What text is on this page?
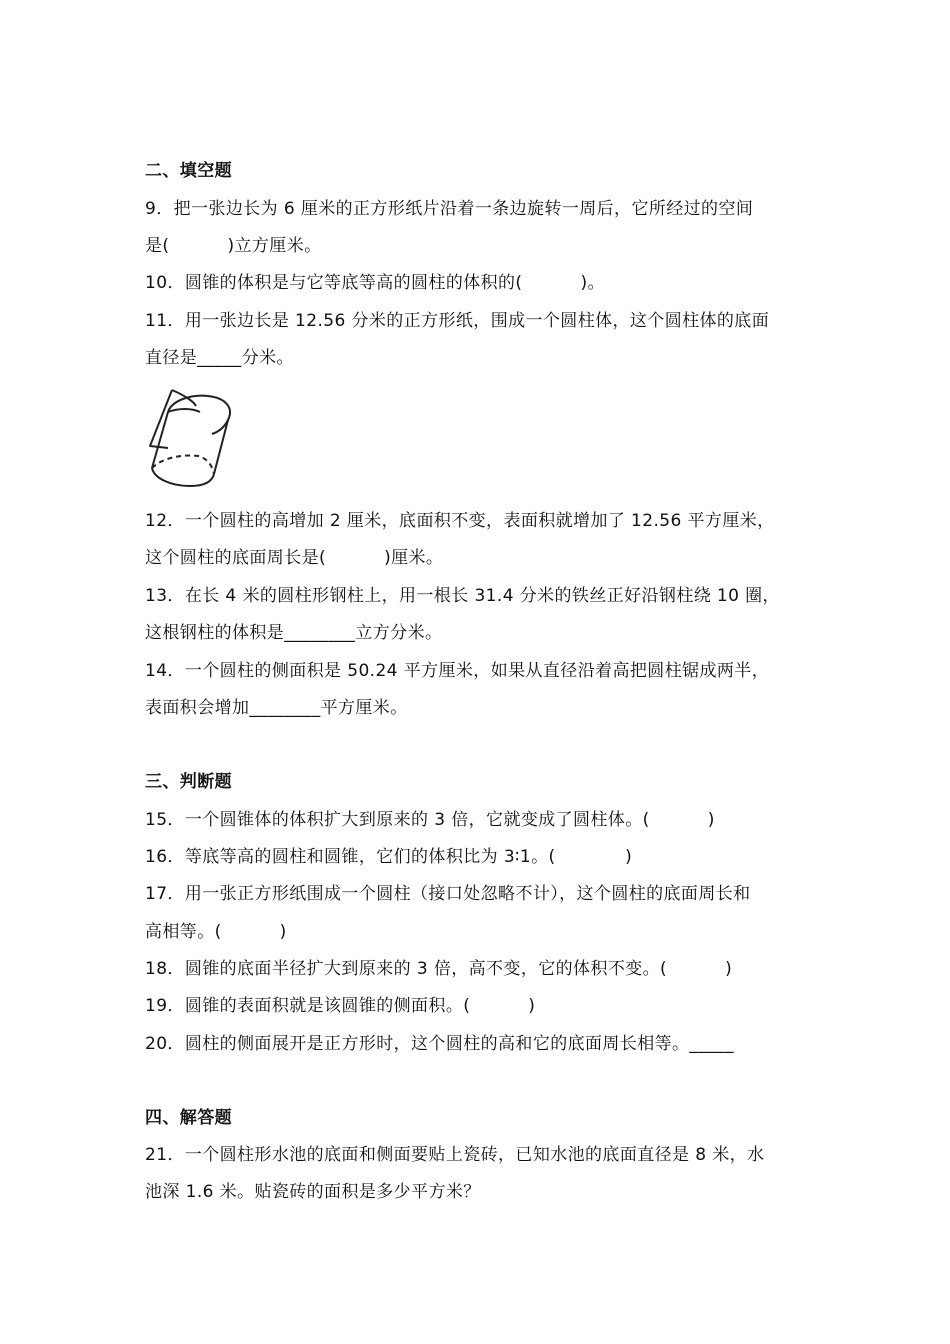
二、填空题
9．把一张边长为 6 厘米的正方形纸片沿着一条边旋转一周后，它所经过的空间
是(          )立方厘米。
10．圆锥的体积是与它等底等高的圆柱的体积的(          )。
11．用一张边长是 12.56 分米的正方形纸，围成一个圆柱体，这个圆柱体的底面
直径是_____分米。
12．一个圆柱的高增加 2 厘米，底面积不变，表面积就增加了 12.56 平方厘米，
这个圆柱的底面周长是(          )厘米。
13．在长 4 米的圆柱形钢柱上，用一根长 31.4 分米的铁丝正好沿钢柱绕 10 圈，
这根钢柱的体积是________立方分米。
14．一个圆柱的侧面积是 50.24 平方厘米，如果从直径沿着高把圆柱锯成两半，
表面积会增加________平方厘米。
三、判断题
15．一个圆锥体的体积扩大到原来的 3 倍，它就变成了圆柱体。(          )
16．等底等高的圆柱和圆锥，它们的体积比为 3∶1。(            )
17．用一张正方形纸围成一个圆柱（接口处忽略不计），这个圆柱的底面周长和
高相等。(          )
18．圆锥的底面半径扩大到原来的 3 倍，高不变，它的体积不变。(          )
19．圆锥的表面积就是该圆锥的侧面积。(          )
20．圆柱的侧面展开是正方形时，这个圆柱的高和它的底面周长相等。_____
四、解答题
21．一个圆柱形水池的底面和侧面要贴上瓷砖，已知水池的底面直径是 8 米，水
池深 1.6 米。贴瓷砖的面积是多少平方米？
